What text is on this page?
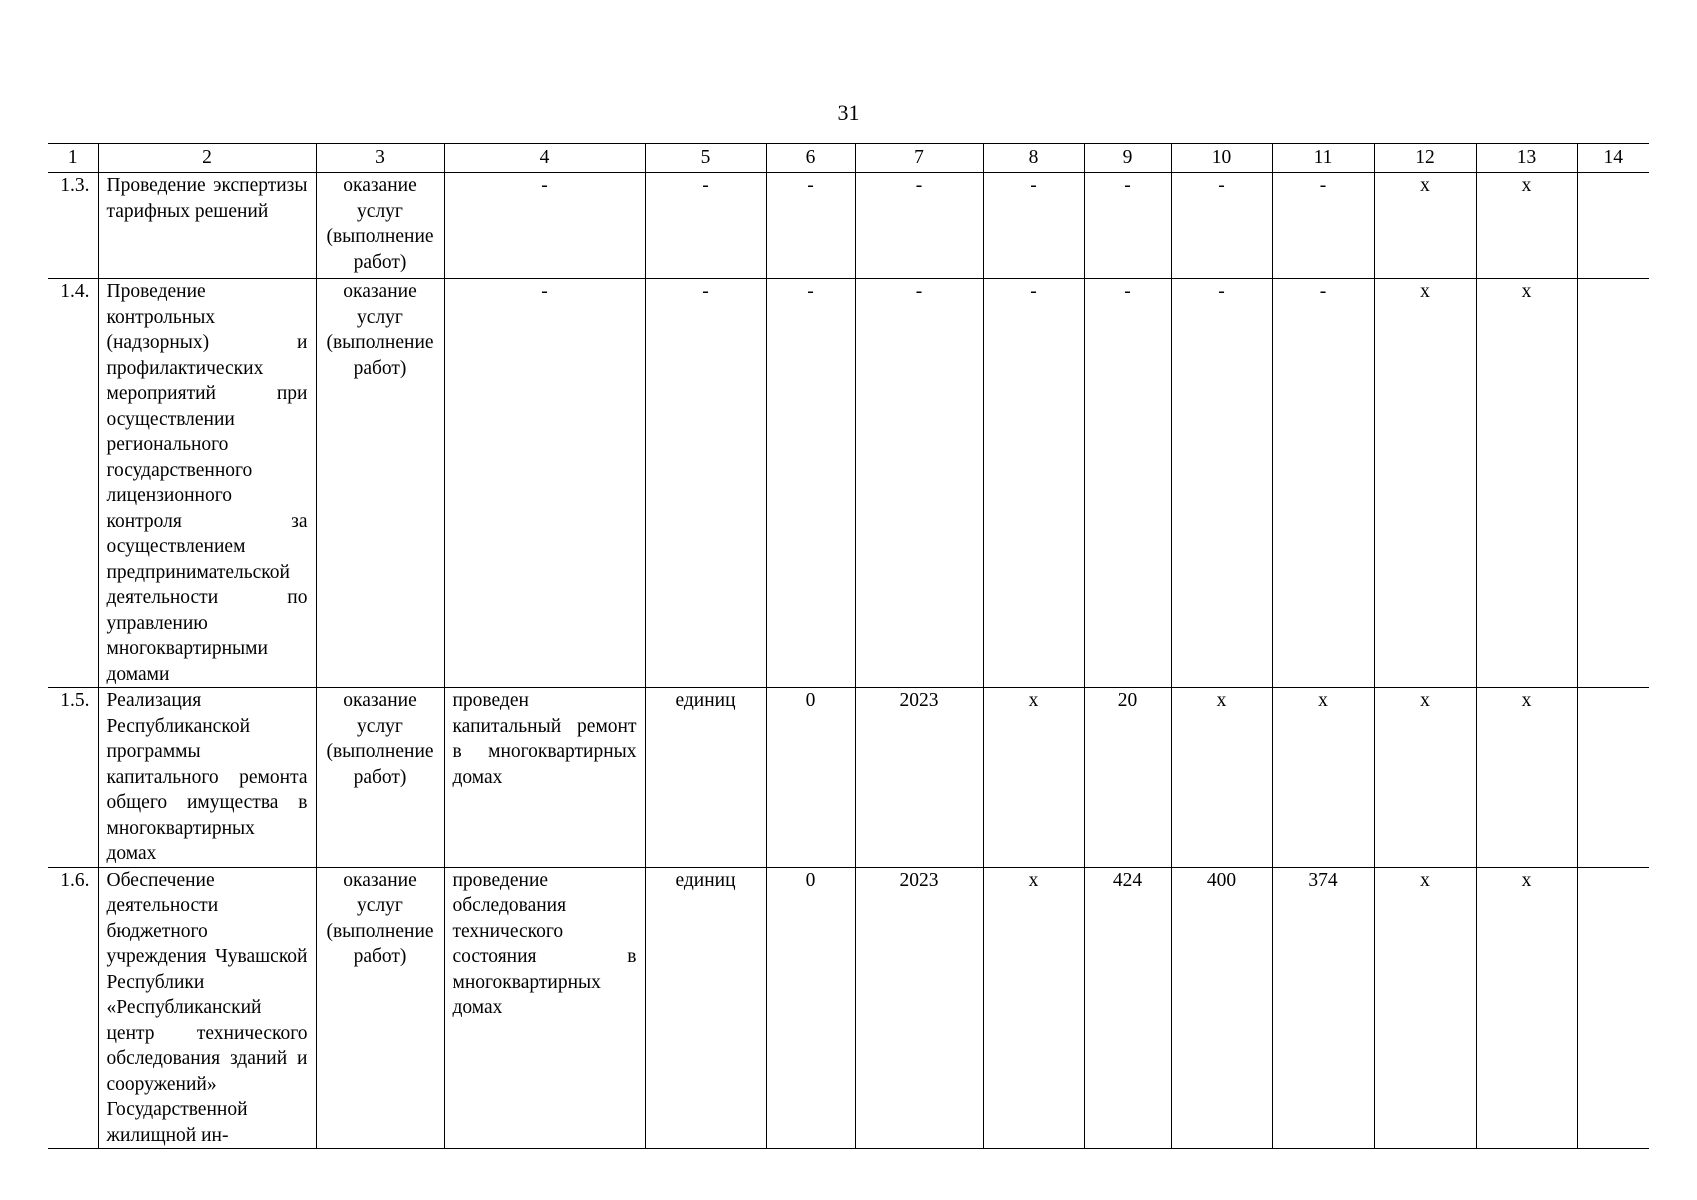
31
1	2	3	4	5	6	7	8	9	10	11	12	13	14
1.3.	Проведение экспертизы тарифных решений	оказание услуг (выполнение работ)	-	-	-	-	-	-	-	-	х	х	
1.4.	Проведение контрольных (надзорных) и профилактических мероприятий при осуществлении регионального государственного лицензионного контроля за осуществлением предпринимательской деятельности по управлению многоквартирными домами	оказание услуг (выполнение работ)	-	-	-	-	-	-	-	-	х	х	
1.5.	Реализация Республиканской программы капитального ремонта общего имущества в многоквартирных домах	оказание услуг (выполнение работ)	проведен капитальный ремонт в многоквартирных домах	единиц	0	2023	х	20	х	х	х	х	
1.6.	Обеспечение деятельности бюджетного учреждения Чувашской Республики «Республиканский центр технического обследования зданий и сооружений» Государственной жилищной ин-	оказание услуг (выполнение работ)	проведение обследования технического состояния в многоквартирных домах	единиц	0	2023	х	424	400	374	х	х	
